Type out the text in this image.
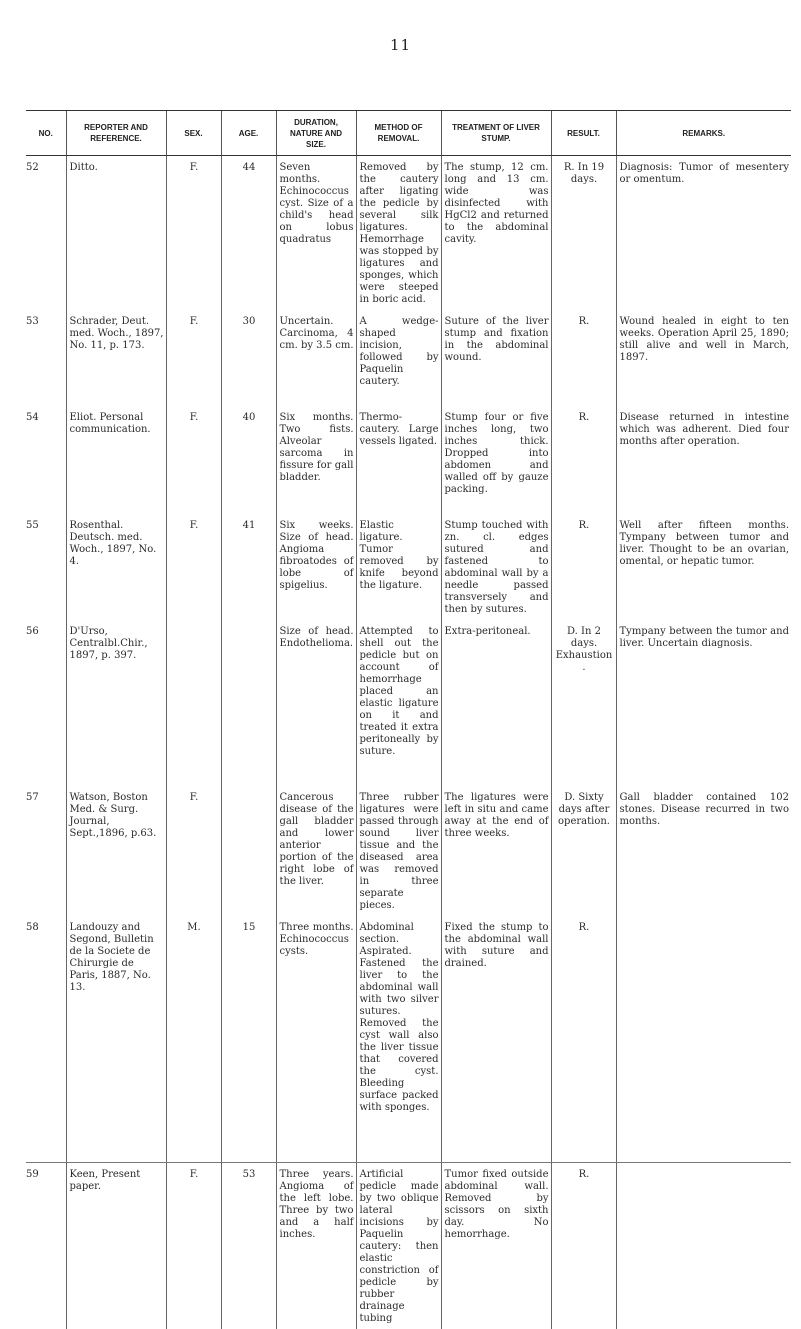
11
NO.	REPORTER AND REFERENCE.	SEX.	AGE.	DURATION, NATURE AND SIZE.	METHOD OF REMOVAL.	TREATMENT OF LIVER STUMP.	RESULT.	REMARKS.
52	Ditto.	F.	44	Seven months. Echinococcus cyst. Size of a child's head on lobus quadratus	Removed by the cautery after ligating the pedicle by several silk ligatures. Hemorrhage was stopped by ligatures and sponges, which were steeped in boric acid.	The stump, 12 cm. long and 13 cm. wide was disinfected with HgCl2 and returned to the abdominal cavity.	R. In 19 days.	Diagnosis: Tumor of mesentery or omentum.
53	Schrader, Deut. med. Woch., 1897, No. 11, p. 173.	F.	30	Uncertain. Carcinoma, 4 cm. by 3.5 cm.	A wedge-shaped incision, followed by Paquelin cautery.	Suture of the liver stump and fixation in the abdominal wound.	R.	Wound healed in eight to ten weeks. Operation April 25, 1890; still alive and well in March, 1897.
54	Eliot. Personal communication.	F.	40	Six months. Two fists. Alveolar sarcoma in fissure for gall bladder.	Thermo-cautery. Large vessels ligated.	Stump four or five inches long, two inches thick. Dropped into abdomen and walled off by gauze packing.	R.	Disease returned in intestine which was adherent. Died four months after operation.
55	Rosenthal. Deutsch. med. Woch., 1897, No. 4.	F.	41	Six weeks. Size of head. Angioma fibroatodes of lobe of spigelius.	Elastic ligature. Tumor removed by knife beyond the ligature.	Stump touched with zn. cl. edges sutured and fastened to abdominal wall by a needle passed transversely and then by sutures.	R.	Well after fifteen months. Tympany between tumor and liver. Thought to be an ovarian, omental, or hepatic tumor.
56	D'Urso, Centralbl.Chir., 1897, p. 397.			Size of head. Endothelioma.	Attempted to shell out the pedicle but on account of hemorrhage placed an elastic ligature on it and treated it extra peritoneally by suture.	Extra-peritoneal.	D. In 2 days. Exhaustion.	Tympany between the tumor and liver. Uncertain diagnosis.
57	Watson, Boston Med. & Surg. Journal, Sept.,1896, p.63.	F.		Cancerous disease of the gall bladder and lower anterior portion of the right lobe of the liver.	Three rubber ligatures were passed through sound liver tissue and the diseased area was removed in three separate pieces.	The ligatures were left in situ and came away at the end of three weeks.	D. Sixty days after operation.	Gall bladder contained 102 stones. Disease recurred in two months.
58	Landouzy and Segond, Bulletin de la Societe de Chirurgie de Paris, 1887, No. 13.	M.	15	Three months. Echinococcus cysts.	Abdominal section. Aspirated. Fastened the liver to the abdominal wall with two silver sutures. Removed the cyst wall also the liver tissue that covered the cyst. Bleeding surface packed with sponges.	Fixed the stump to the abdominal wall with suture and drained.	R.	
59	Keen, Present paper.	F.	53	Three years. Angioma of the left lobe. Three by two and a half inches.	Artificial pedicle made by two oblique lateral incisions by Paquelin cautery: then elastic constriction of pedicle by rubber drainage tubing	Tumor fixed outside abdominal wall. Removed by scissors on sixth day. No hemorrhage.	R.	
